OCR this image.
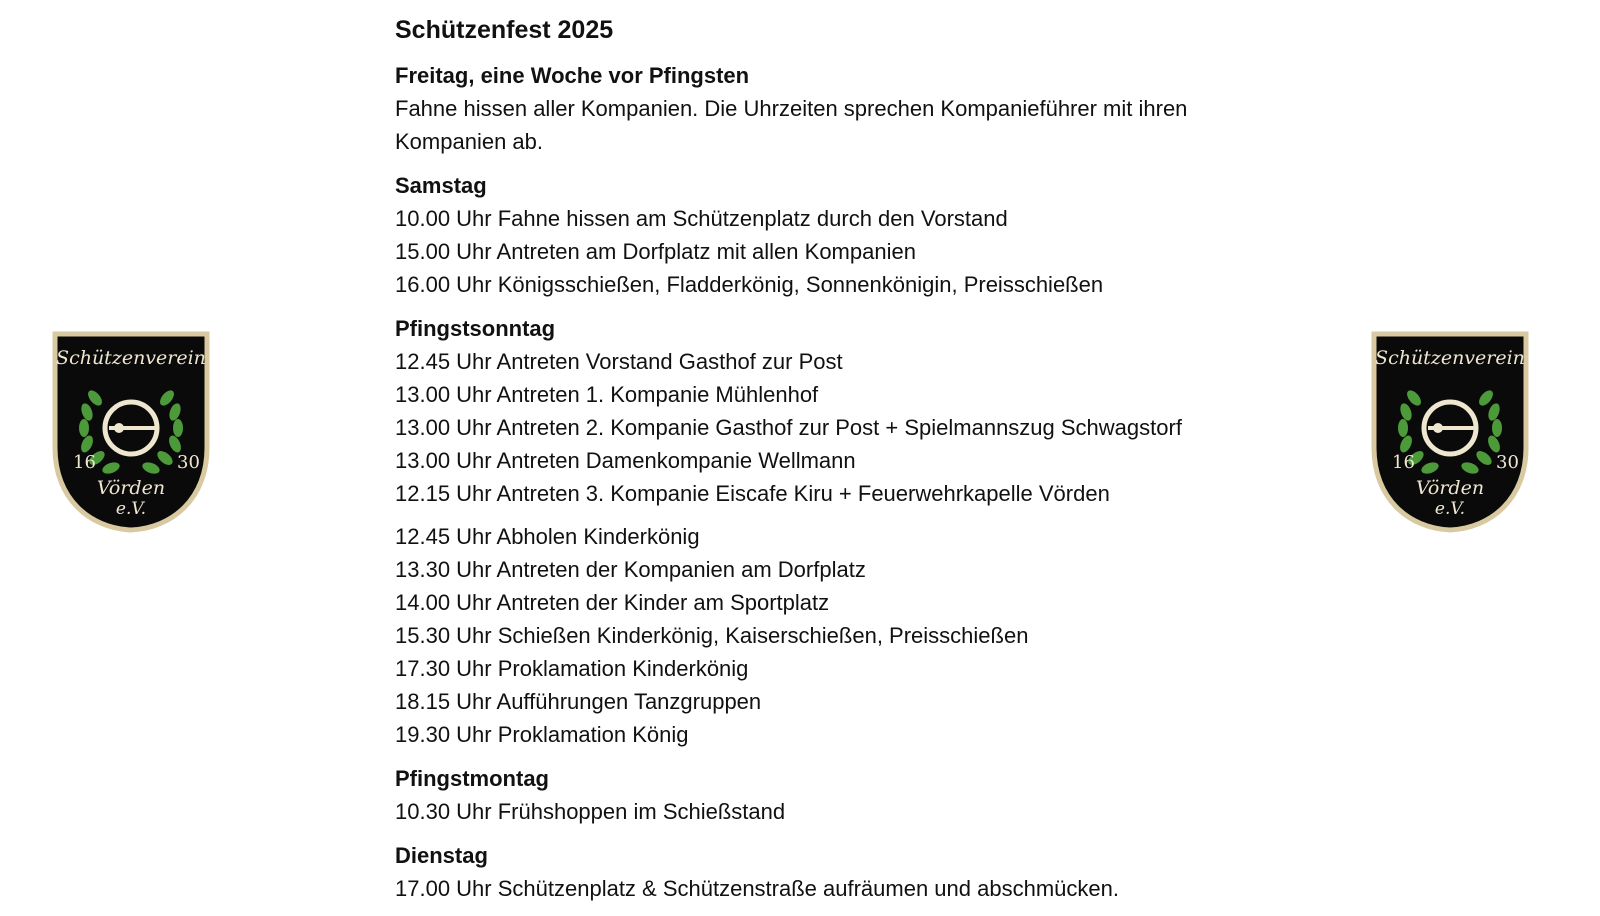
Schützenverein
16	30
Vörden
e.V.
Schützenverein
16	30
Vörden
e.V.
Schützenfest 2025
Freitag, eine Woche vor Pfingsten
Fahne hissen aller Kompanien. Die Uhrzeiten sprechen Kompanieführer mit ihren Kompanien ab.
Samstag
10.00 Uhr Fahne hissen am Schützenplatz durch den Vorstand
15.00 Uhr Antreten am Dorfplatz mit allen Kompanien
16.00 Uhr Königsschießen, Fladderkönig, Sonnenkönigin, Preisschießen
Pfingstsonntag
12.45 Uhr Antreten Vorstand Gasthof zur Post
13.00 Uhr Antreten 1. Kompanie Mühlenhof
13.00 Uhr Antreten 2. Kompanie Gasthof zur Post + Spielmannszug Schwagstorf
13.00 Uhr Antreten Damenkompanie Wellmann
12.15 Uhr Antreten 3. Kompanie Eiscafe Kiru + Feuerwehrkapelle Vörden
12.45 Uhr Abholen Kinderkönig
13.30 Uhr Antreten der Kompanien am Dorfplatz
14.00 Uhr Antreten der Kinder am Sportplatz
15.30 Uhr Schießen Kinderkönig, Kaiserschießen, Preisschießen
17.30 Uhr Proklamation Kinderkönig
18.15 Uhr Aufführungen Tanzgruppen
19.30 Uhr Proklamation König
Pfingstmontag
10.30 Uhr Frühshoppen im Schießstand
Dienstag
17.00 Uhr Schützenplatz & Schützenstraße aufräumen und abschmücken.
